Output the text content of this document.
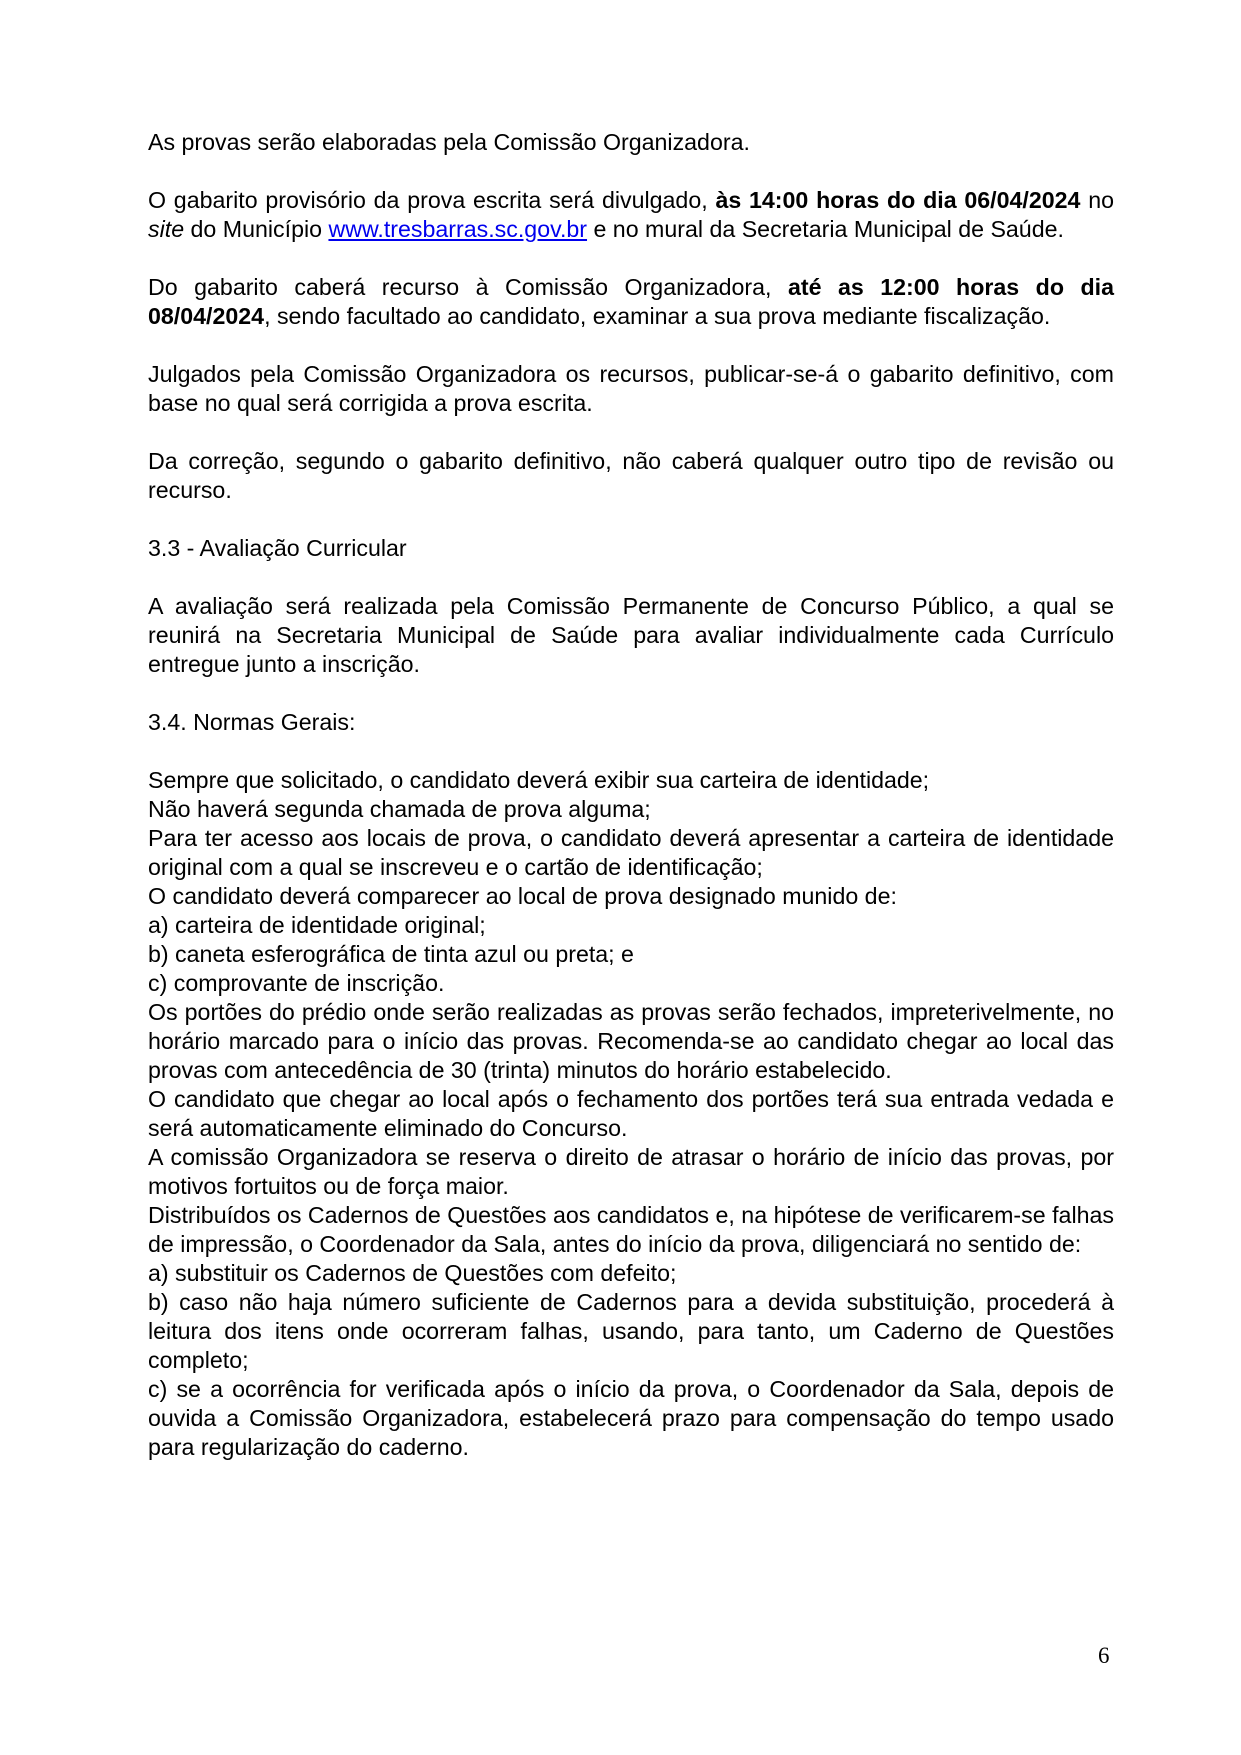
As provas serão elaboradas pela Comissão Organizadora.

O gabarito provisório da prova escrita será divulgado, às 14:00 horas do dia 06/04/2024 no site do Município www.tresbarras.sc.gov.br e no mural da Secretaria Municipal de Saúde.

Do gabarito caberá recurso à Comissão Organizadora, até as 12:00 horas do dia 08/04/2024, sendo facultado ao candidato, examinar a sua prova mediante fiscalização.

Julgados pela Comissão Organizadora os recursos, publicar-se-á o gabarito definitivo, com base no qual será corrigida a prova escrita.

Da correção, segundo o gabarito definitivo, não caberá qualquer outro tipo de revisão ou recurso.

3.3 - Avaliação Curricular

A avaliação será realizada pela Comissão Permanente de Concurso Público, a qual se reunirá na Secretaria Municipal de Saúde para avaliar individualmente cada Currículo entregue junto a inscrição.

3.4. Normas Gerais:

Sempre que solicitado, o candidato deverá exibir sua carteira de identidade;

Não haverá segunda chamada de prova alguma;

Para ter acesso aos locais de prova, o candidato deverá apresentar a carteira de identidade original com a qual se inscreveu e o cartão de identificação;

O candidato deverá comparecer ao local de prova designado munido de:

a) carteira de identidade original;

b) caneta esferográfica de tinta azul ou preta; e

c) comprovante de inscrição.

Os portões do prédio onde serão realizadas as provas serão fechados, impreterivelmente, no horário marcado para o início das provas. Recomenda-se ao candidato chegar ao local das provas com antecedência de 30 (trinta) minutos do horário estabelecido.

O candidato que chegar ao local após o fechamento dos portões terá sua entrada vedada e será automaticamente eliminado do Concurso.

A comissão Organizadora se reserva o direito de atrasar o horário de início das provas, por motivos fortuitos ou de força maior.

Distribuídos os Cadernos de Questões aos candidatos e, na hipótese de verificarem-se falhas de impressão, o Coordenador da Sala, antes do início da prova, diligenciará no sentido de:

a) substituir os Cadernos de Questões com defeito;

b) caso não haja número suficiente de Cadernos para a devida substituição, procederá à leitura dos itens onde ocorreram falhas, usando, para tanto, um Caderno de Questões completo;

c) se a ocorrência for verificada após o início da prova, o Coordenador da Sala, depois de ouvida a Comissão Organizadora, estabelecerá prazo para compensação do tempo usado para regularização do caderno.

6
